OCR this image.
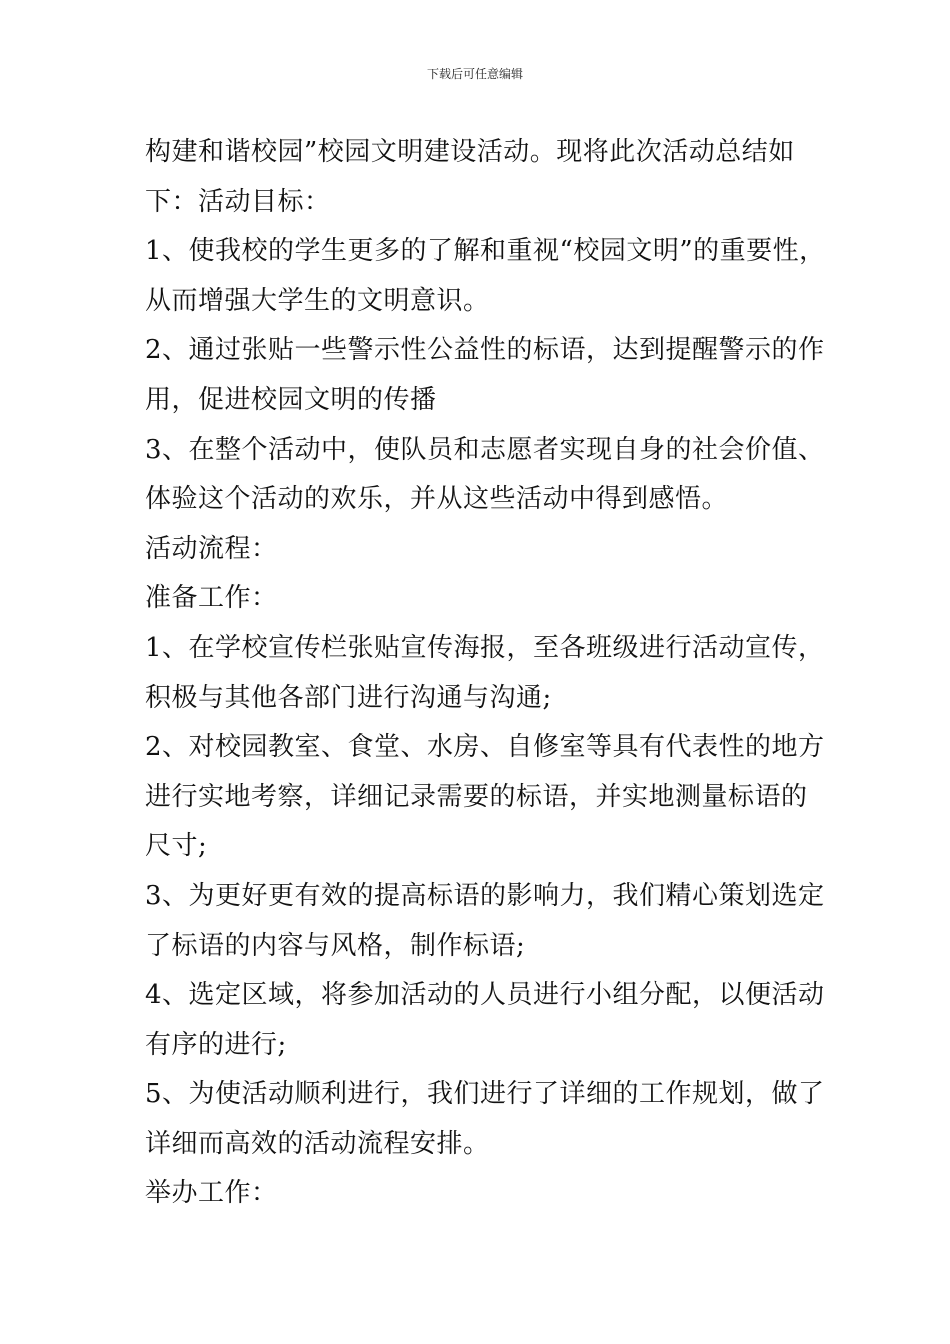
下载后可任意编辑
构建和谐校园”校园文明建设活动。现将此次活动总结如
下：活动目标：
1、使我校的学生更多的了解和重视“校园文明”的重要性，
从而增强大学生的文明意识。
2、通过张贴一些警示性公益性的标语，达到提醒警示的作
用，促进校园文明的传播
3、在整个活动中，使队员和志愿者实现自身的社会价值、
体验这个活动的欢乐，并从这些活动中得到感悟。
活动流程：
准备工作：
1、在学校宣传栏张贴宣传海报，至各班级进行活动宣传，
积极与其他各部门进行沟通与沟通;
2、对校园教室、食堂、水房、自修室等具有代表性的地方
进行实地考察，详细记录需要的标语，并实地测量标语的
尺寸;
3、为更好更有效的提高标语的影响力，我们精心策划选定
了标语的内容与风格，制作标语;
4、选定区域，将参加活动的人员进行小组分配，以便活动
有序的进行;
5、为使活动顺利进行，我们进行了详细的工作规划，做了
详细而高效的活动流程安排。
举办工作：
